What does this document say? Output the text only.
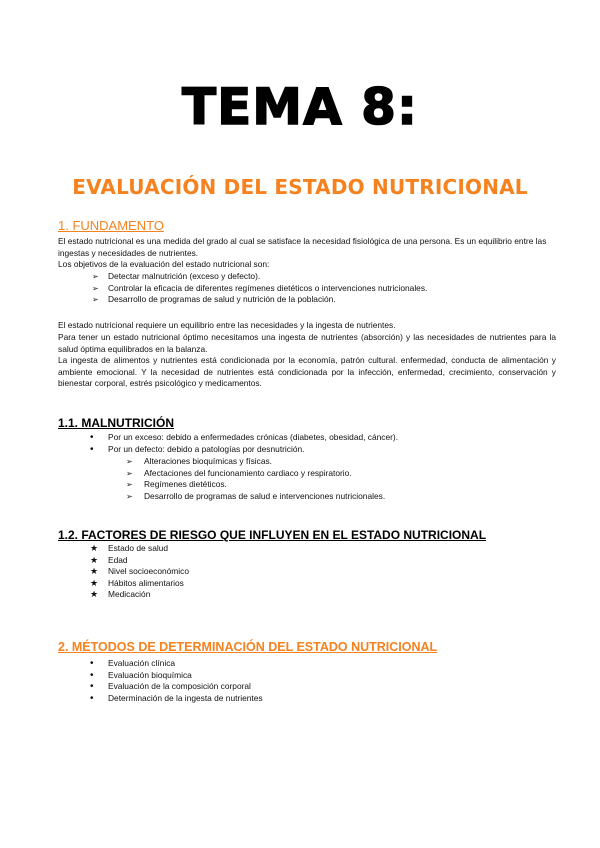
TEMA 8:
EVALUACIÓN DEL ESTADO NUTRICIONAL
1. FUNDAMENTO
El estado nutricional es una medida del grado al cual se satisface la necesidad fisiológica de una persona. Es un equilibrio entre las ingestas y necesidades de nutrientes.
Los objetivos de la evaluación del estado nutricional son:
➢ Detectar malnutrición (exceso y defecto).
➢ Controlar la eficacia de diferentes regímenes dietéticos o intervenciones nutricionales.
➢ Desarrollo de programas de salud y nutrición de la población.
El estado nutricional requiere un equilibrio entre las necesidades y la ingesta de nutrientes.
Para tener un estado nutricional óptimo necesitamos una ingesta de nutrientes (absorción) y las necesidades de nutrientes para la salud óptima equilibrados en la balanza.
La ingesta de alimentos y nutrientes está condicionada por la economía, patrón cultural. enfermedad, conducta de alimentación y ambiente emocional. Y la necesidad de nutrientes está condicionada por la infección, enfermedad, crecimiento, conservación y bienestar corporal, estrés psicológico y medicamentos.
1.1. MALNUTRICIÓN
• Por un exceso: debido a enfermedades crónicas (diabetes, obesidad, cáncer).
• Por un defecto: debido a patologías por desnutrición.
➢ Alteraciones bioquímicas y físicas.
➢ Afectaciones del funcionamiento cardiaco y respiratorio.
➢ Regímenes dietéticos.
➢ Desarrollo de programas de salud e intervenciones nutricionales.
1.2. FACTORES DE RIESGO QUE INFLUYEN EN EL ESTADO NUTRICIONAL
★ Estado de salud
★ Edad
★ Nivel socioeconómico
★ Hábitos alimentarios
★ Medicación
2. MÉTODOS DE DETERMINACIÓN DEL ESTADO NUTRICIONAL
• Evaluación clínica
• Evaluación bioquímica
• Evaluación de la composición corporal
• Determinación de la ingesta de nutrientes
